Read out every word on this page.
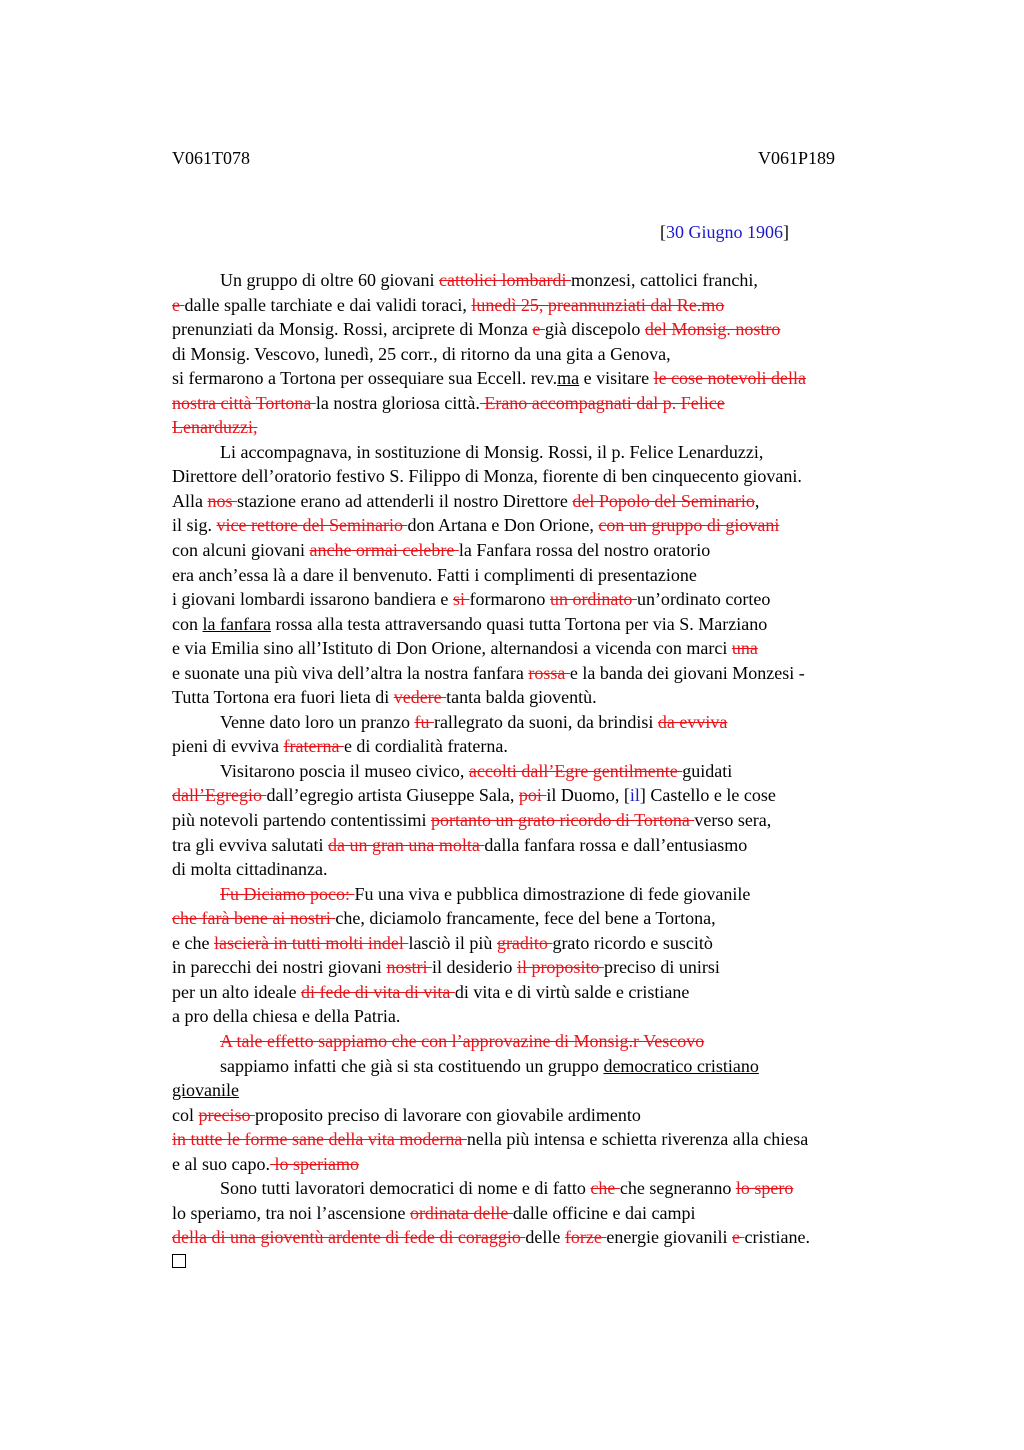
V061T078	V061P189
[30 Giugno 1906]
Un gruppo di oltre 60 giovani cattolici lombardi monzesi, cattolici franchi,
e dalle spalle tarchiate e dai validi toraci, lunedì 25, preannunziati dal Re.mo
prenunziati da Monsig. Rossi, arciprete di Monza e già discepolo del Monsig. nostro
di Monsig. Vescovo, lunedì, 25 corr., di ritorno da una gita a Genova,
si fermarono a Tortona per ossequiare sua Eccell. rev.ma e visitare le cose notevoli della
nostra città Tortona la nostra gloriosa città. Erano accompagnati dal p. Felice
Lenarduzzi,
Li accompagnava, in sostituzione di Monsig. Rossi, il p. Felice Lenarduzzi,
Direttore dell’oratorio festivo S. Filippo di Monza, fiorente di ben cinquecento giovani.
Alla nos stazione erano ad attenderli il nostro Direttore del Popolo del Seminario,
il sig. vice rettore del Seminario don Artana e Don Orione, con un gruppo di giovani
con alcuni giovani anche ormai celebre la Fanfara rossa del nostro oratorio
era anch’essa là a dare il benvenuto. Fatti i complimenti di presentazione
i giovani lombardi issarono bandiera e si formarono un ordinato un’ordinato corteo
con la fanfara rossa alla testa attraversando quasi tutta Tortona per via S. Marziano
e via Emilia sino all’Istituto di Don Orione, alternandosi a vicenda con marci una
e suonate una più viva dell’altra la nostra fanfara rossa e la banda dei giovani Monzesi -
Tutta Tortona era fuori lieta di vedere tanta balda gioventù.
Venne dato loro un pranzo fu rallegrato da suoni, da brindisi da evviva
pieni di evviva fraterna e di cordialità fraterna.
Visitarono poscia il museo civico, accolti dall’Egre gentilmente guidati
dall’Egregio dall’egregio artista Giuseppe Sala, poi il Duomo, [il] Castello e le cose
più notevoli partendo contentissimi portanto un grato ricordo di Tortona verso sera,
tra gli evviva salutati da un gran una molta dalla fanfara rossa e dall’entusiasmo
di molta cittadinanza.
Fu Diciamo poco: Fu una viva e pubblica dimostrazione di fede giovanile
che farà bene ai nostri che, diciamolo francamente, fece del bene a Tortona,
e che lascierà in tutti molti indel lasciò il più gradito grato ricordo e suscitò
in parecchi dei nostri giovani nostri il desiderio il proposito preciso di unirsi
per un alto ideale di fede di vita di vita di vita e di virtù salde e cristiane
a pro della chiesa e della Patria.
A tale effetto sappiamo che con l’approvazine di Monsig.r Vescovo
sappiamo infatti che già si sta costituendo un gruppo democratico cristiano
giovanile
col preciso proposito preciso di lavorare con giovabile ardimento
in tutte le forme sane della vita moderna nella più intensa e schietta riverenza alla chiesa
e al suo capo. lo speriamo
Sono tutti lavoratori democratici di nome e di fatto che che segneranno lo spero
lo speriamo, tra noi l’ascensione ordinata delle dalle officine e dai campi
della di una gioventù ardente di fede di coraggio delle forze energie giovanili e cristiane.
